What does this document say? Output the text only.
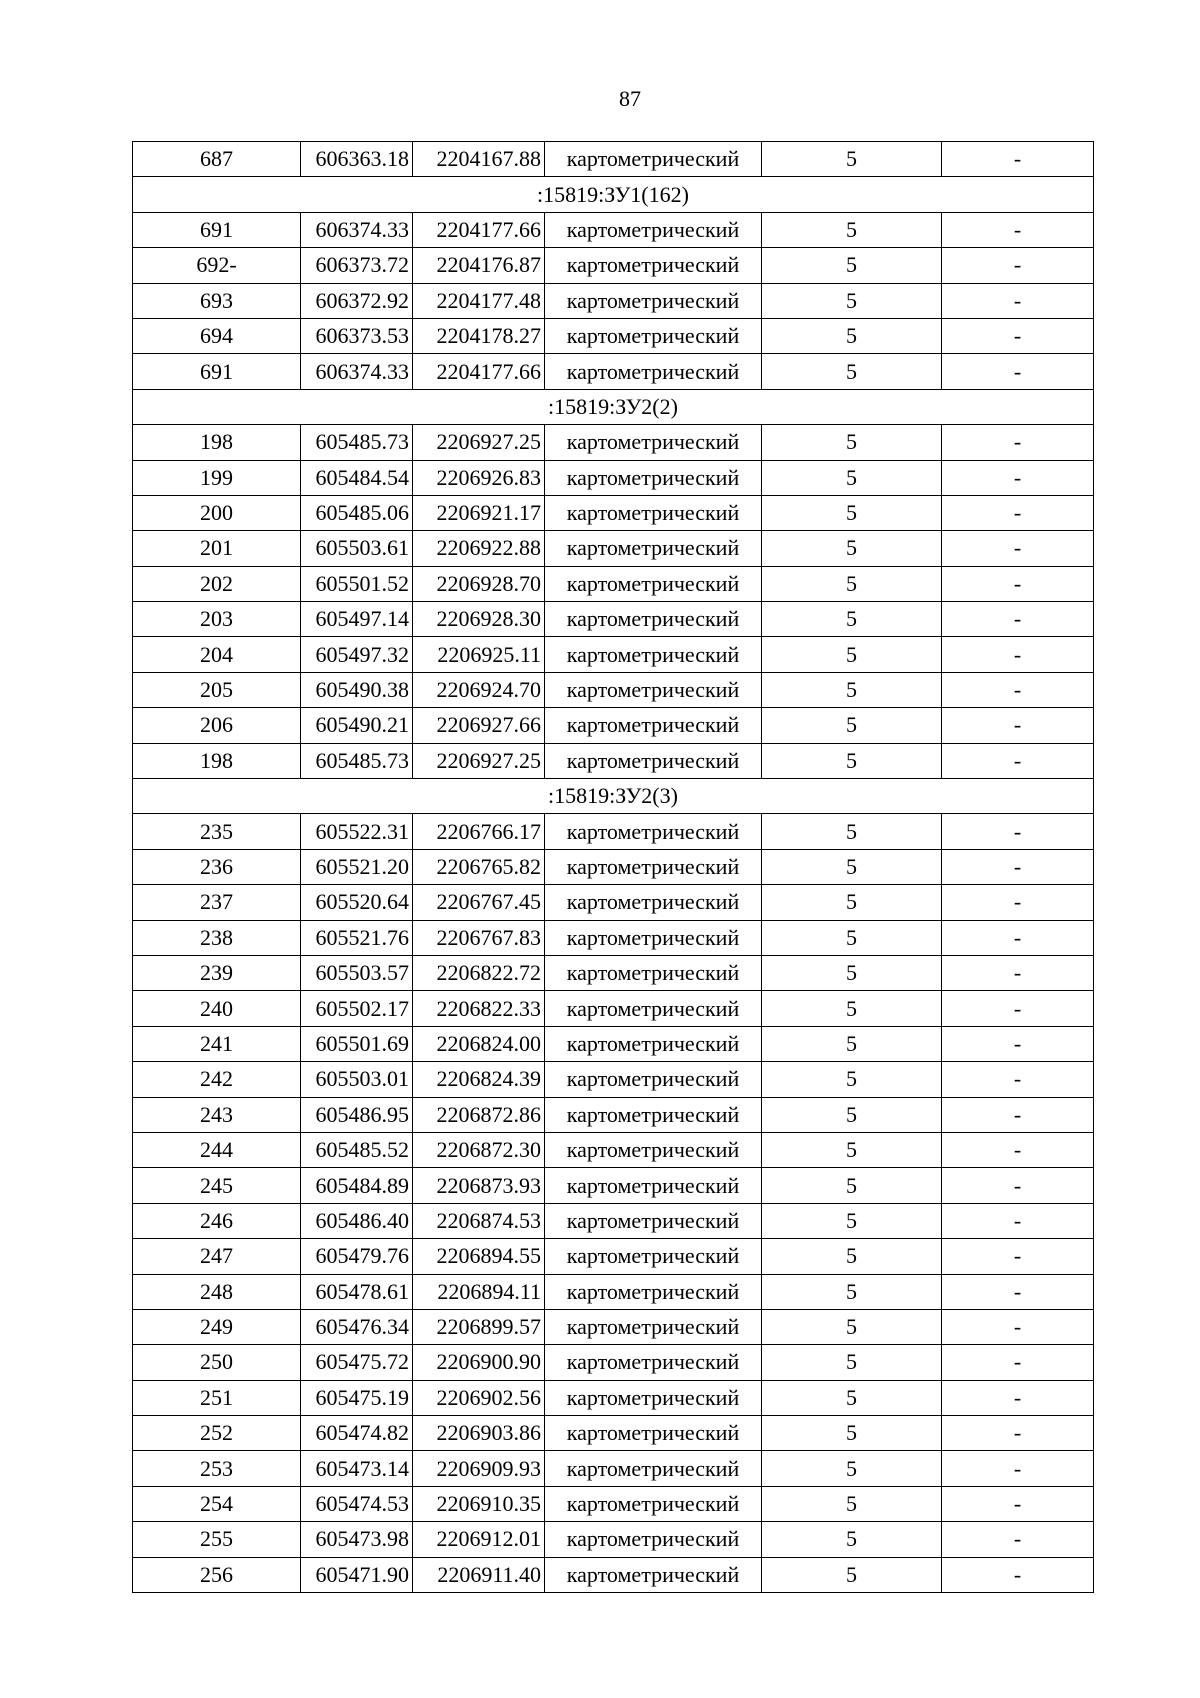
87
687	606363.18	2204167.88	картометрический	5	-
:15819:ЗУ1(162)					
691	606374.33	2204177.66	картометрический	5	-
692-	606373.72	2204176.87	картометрический	5	-
693	606372.92	2204177.48	картометрический	5	-
694	606373.53	2204178.27	картометрический	5	-
691	606374.33	2204177.66	картометрический	5	-
:15819:ЗУ2(2)					
198	605485.73	2206927.25	картометрический	5	-
199	605484.54	2206926.83	картометрический	5	-
200	605485.06	2206921.17	картометрический	5	-
201	605503.61	2206922.88	картометрический	5	-
202	605501.52	2206928.70	картометрический	5	-
203	605497.14	2206928.30	картометрический	5	-
204	605497.32	2206925.11	картометрический	5	-
205	605490.38	2206924.70	картометрический	5	-
206	605490.21	2206927.66	картометрический	5	-
198	605485.73	2206927.25	картометрический	5	-
:15819:ЗУ2(3)					
235	605522.31	2206766.17	картометрический	5	-
236	605521.20	2206765.82	картометрический	5	-
237	605520.64	2206767.45	картометрический	5	-
238	605521.76	2206767.83	картометрический	5	-
239	605503.57	2206822.72	картометрический	5	-
240	605502.17	2206822.33	картометрический	5	-
241	605501.69	2206824.00	картометрический	5	-
242	605503.01	2206824.39	картометрический	5	-
243	605486.95	2206872.86	картометрический	5	-
244	605485.52	2206872.30	картометрический	5	-
245	605484.89	2206873.93	картометрический	5	-
246	605486.40	2206874.53	картометрический	5	-
247	605479.76	2206894.55	картометрический	5	-
248	605478.61	2206894.11	картометрический	5	-
249	605476.34	2206899.57	картометрический	5	-
250	605475.72	2206900.90	картометрический	5	-
251	605475.19	2206902.56	картометрический	5	-
252	605474.82	2206903.86	картометрический	5	-
253	605473.14	2206909.93	картометрический	5	-
254	605474.53	2206910.35	картометрический	5	-
255	605473.98	2206912.01	картометрический	5	-
256	605471.90	2206911.40	картометрический	5	-
